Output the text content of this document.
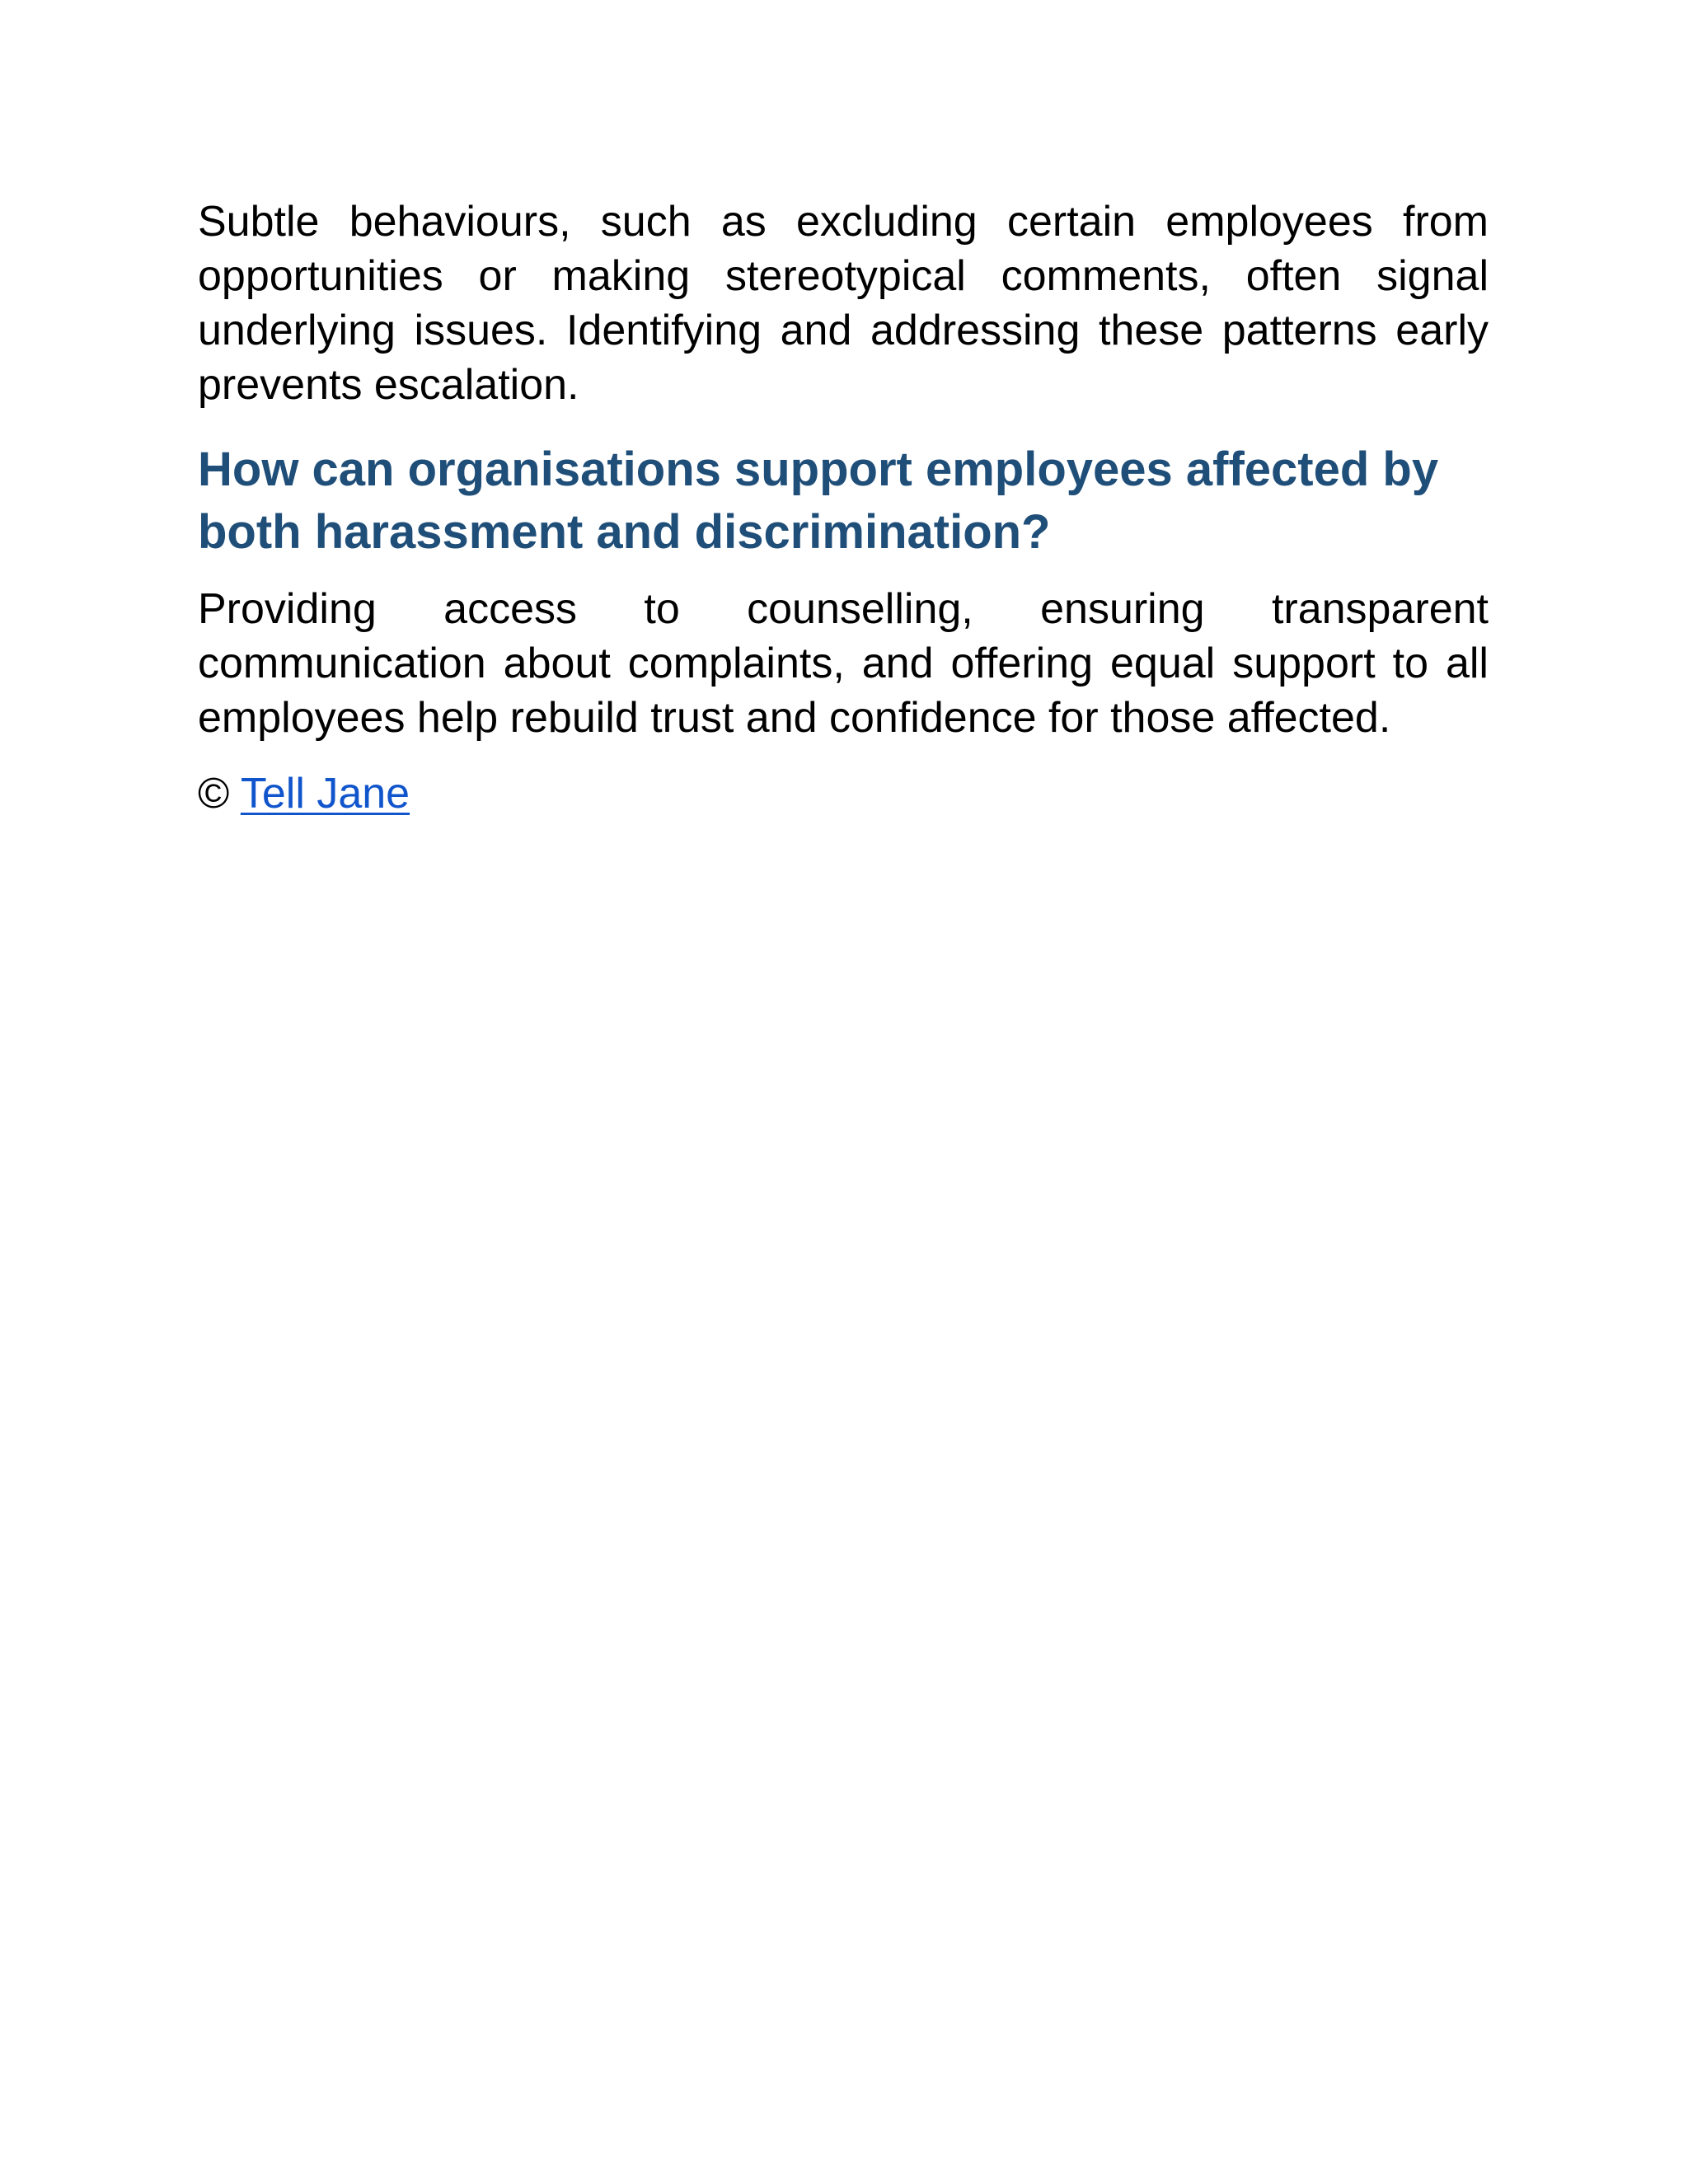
Subtle behaviours, such as excluding certain employees from opportunities or making stereotypical comments, often signal underlying issues. Identifying and addressing these patterns early prevents escalation.

How can organisations support employees affected by both harassment and discrimination?

Providing access to counselling, ensuring transparent communication about complaints, and offering equal support to all employees help rebuild trust and confidence for those affected.

© Tell Jane
